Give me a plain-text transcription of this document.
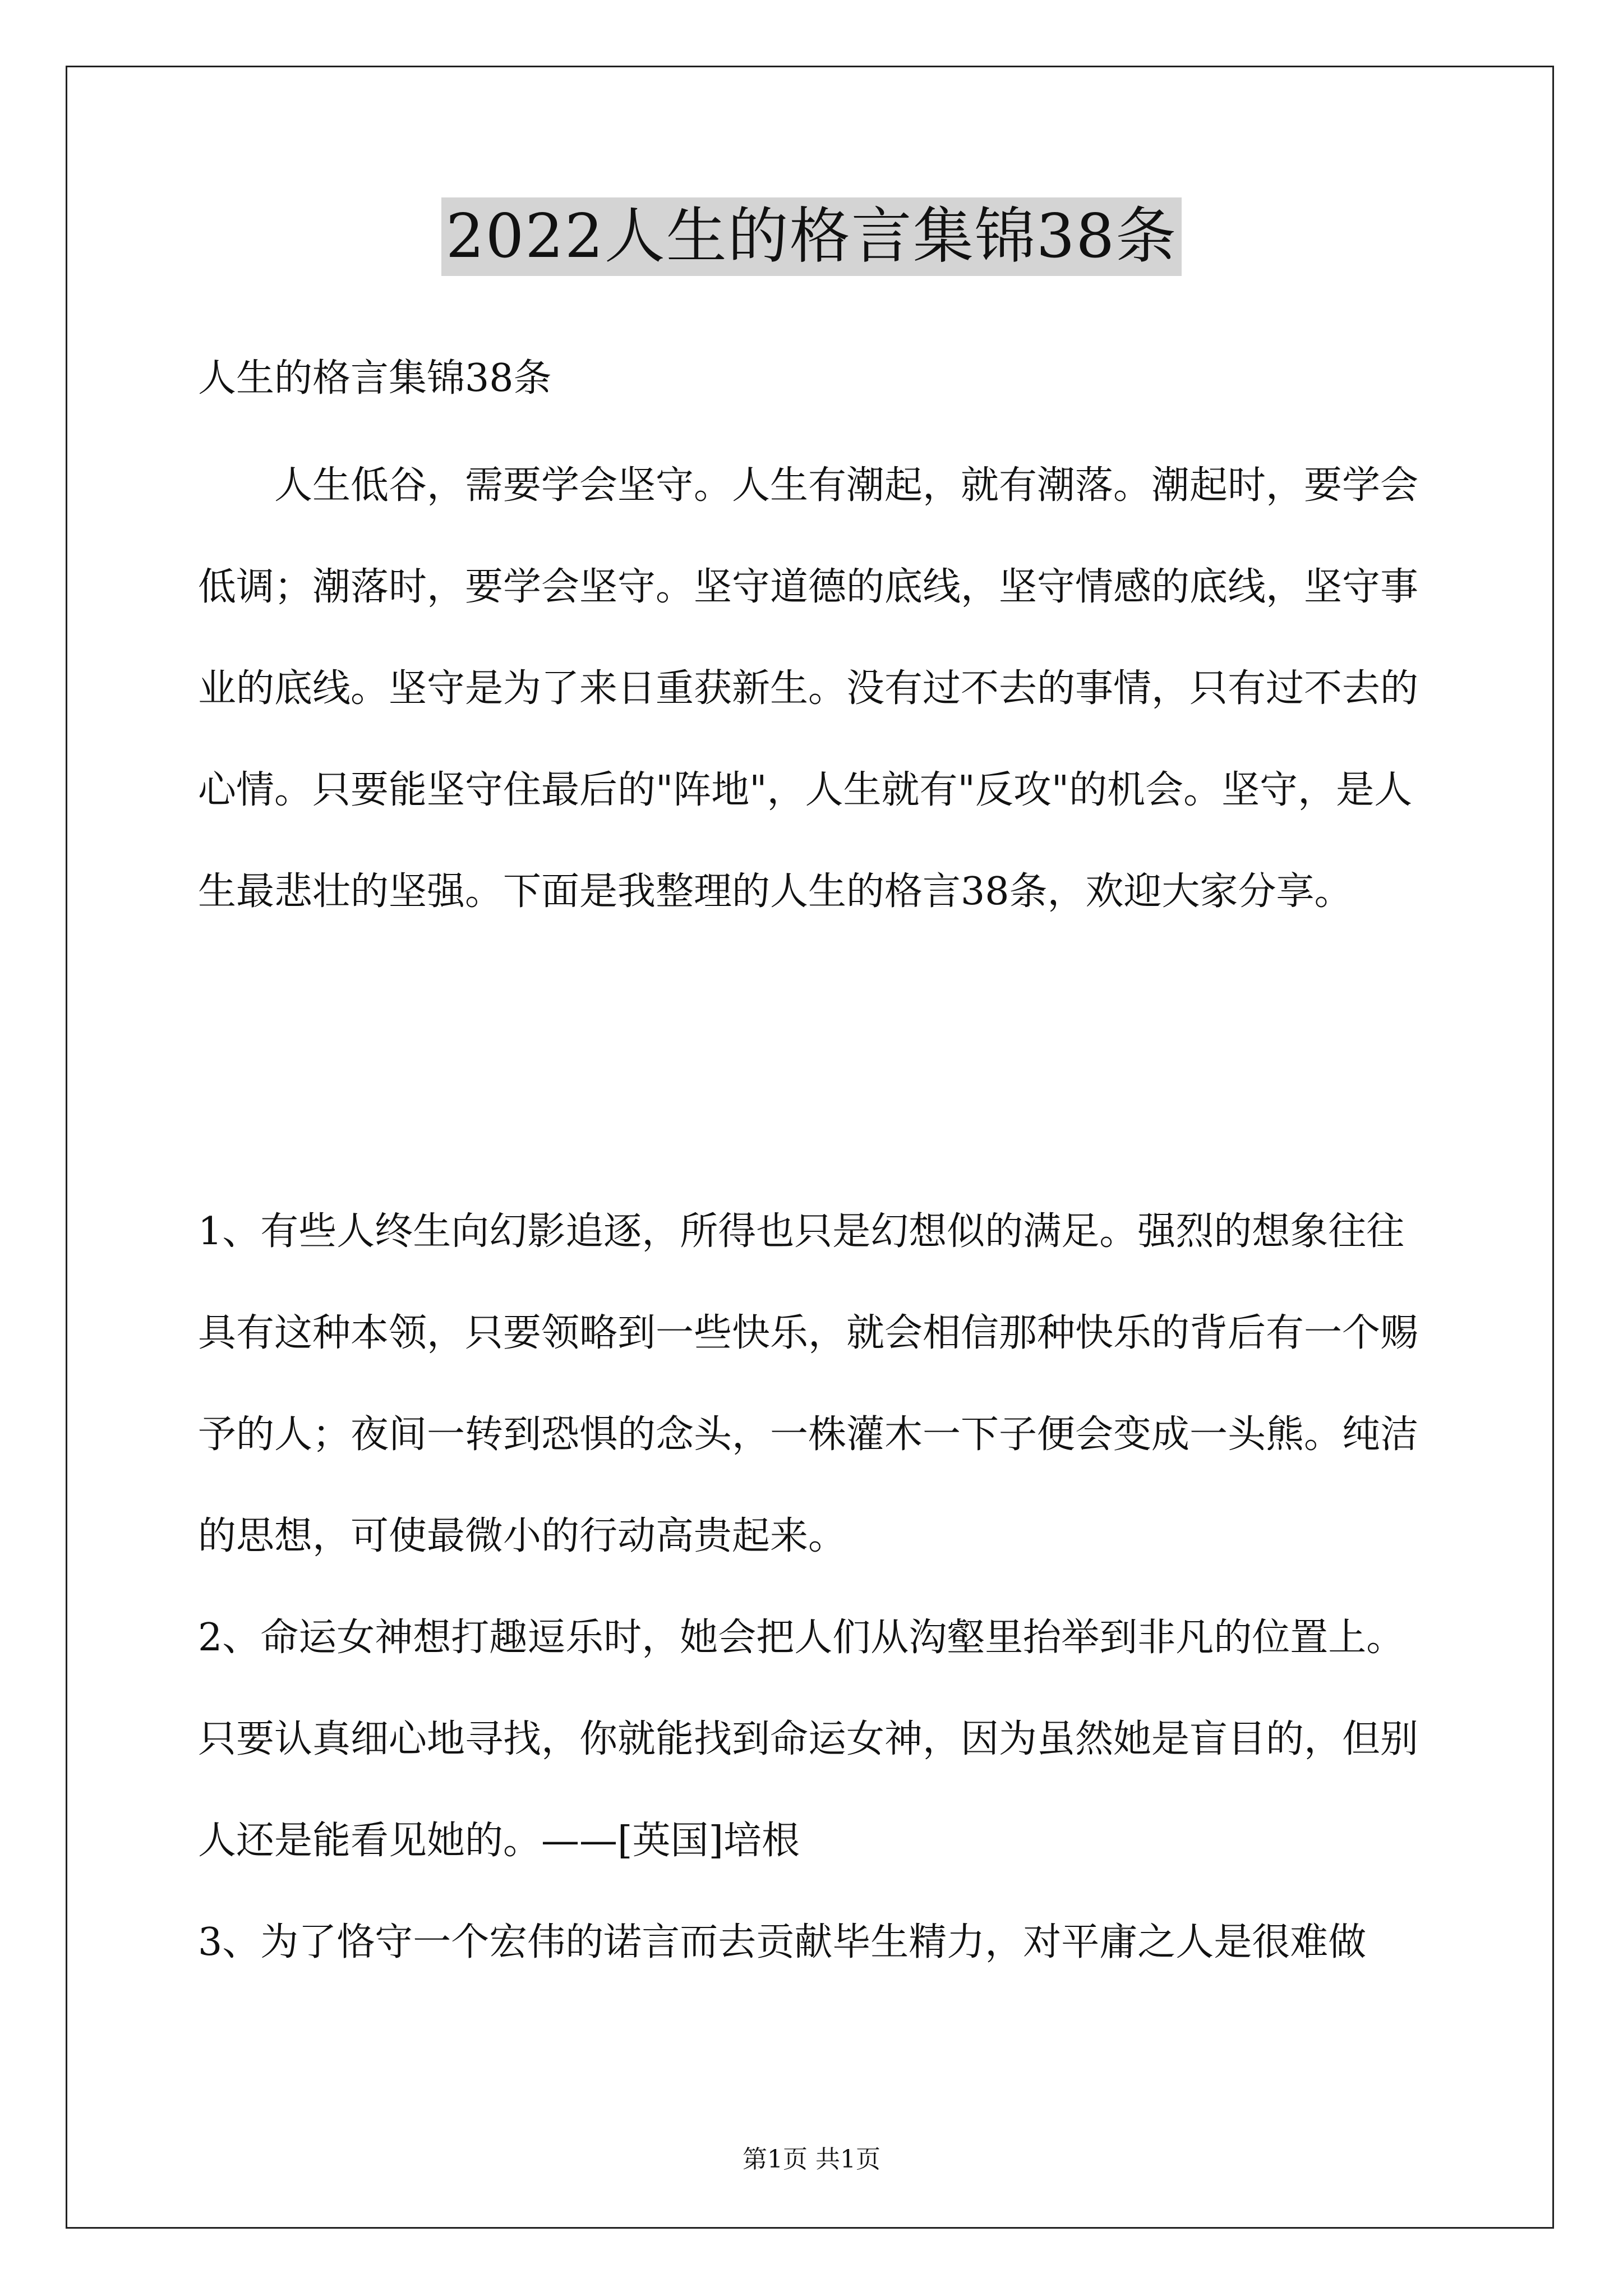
2022人生的格言集锦38条
人生的格言集锦38条

人生低谷，需要学会坚守。人生有潮起，就有潮落。潮起时，要学会低调；潮落时，要学会坚守。坚守道德的底线，坚守情感的底线，坚守事业的底线。坚守是为了来日重获新生。没有过不去的事情，只有过不去的心情。只要能坚守住最后的"阵地"，人生就有"反攻"的机会。坚守，是人生最悲壮的坚强。下面是我整理的人生的格言38条，欢迎大家分享。

1、有些人终生向幻影追逐，所得也只是幻想似的满足。强烈的想象往往具有这种本领，只要领略到一些快乐，就会相信那种快乐的背后有一个赐予的人；夜间一转到恐惧的念头，一株灌木一下子便会变成一头熊。纯洁的思想，可使最微小的行动高贵起来。

2、命运女神想打趣逗乐时，她会把人们从沟壑里抬举到非凡的位置上。只要认真细心地寻找，你就能找到命运女神，因为虽然她是盲目的，但别人还是能看见她的。——[英国]培根

3、为了恪守一个宏伟的诺言而去贡献毕生精力，对平庸之人是很难做

第1页 共1页
